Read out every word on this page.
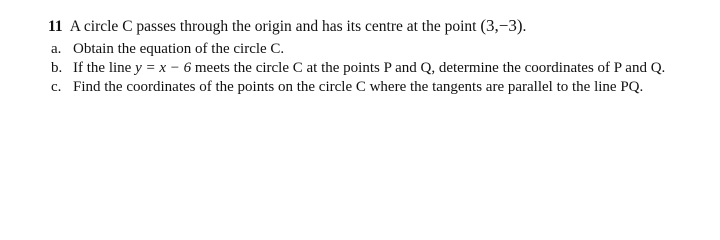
11 A circle C passes through the origin and has its centre at the point (3,−3).
a. Obtain the equation of the circle C.
b. If the line y = x − 6 meets the circle C at the points P and Q, determine the coordinates of P and Q.
c. Find the coordinates of the points on the circle C where the tangents are parallel to the line PQ.
